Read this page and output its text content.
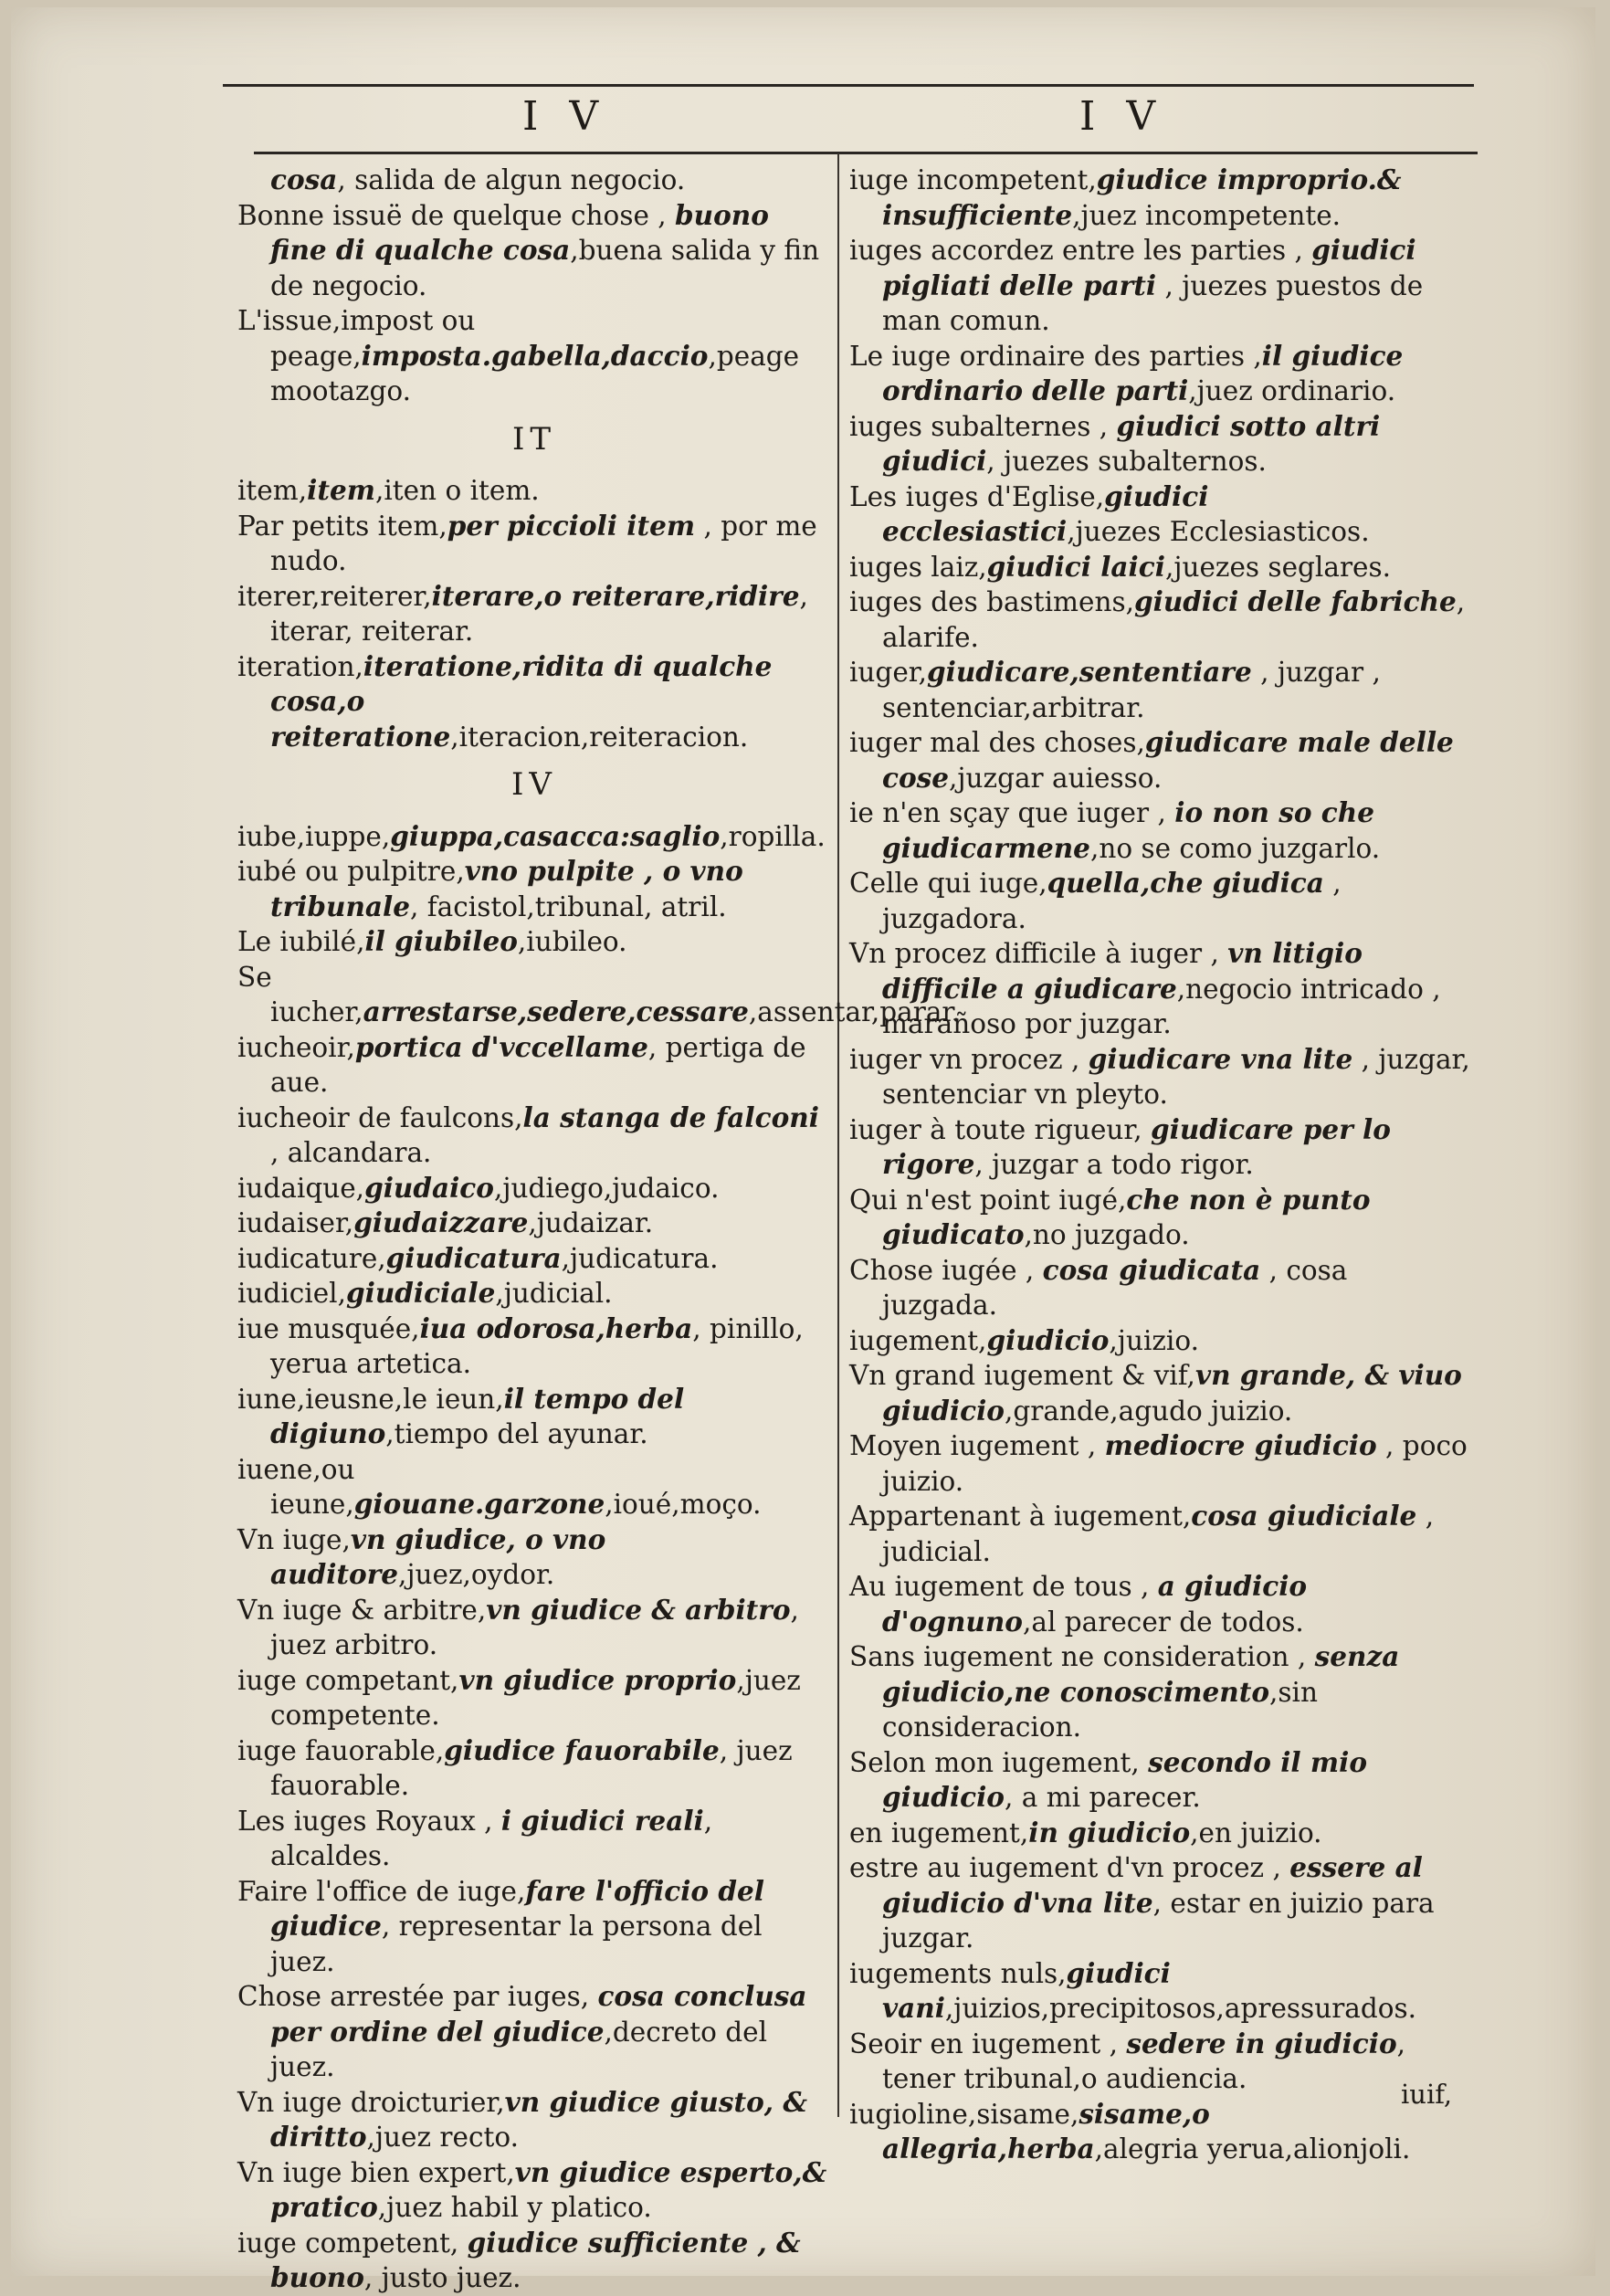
I V	I V

cosa, salida de algun negocio.

Bonne issuë de quelque chose , buono fine di qualche cosa,buena salida y fin de negocio.

L'issue,impost ou peage,imposta.gabella,daccio,peage mootazgo.

IT

item,item,iten o item.

Par petits item,per piccioli item , por me nudo.

iterer,reiterer,iterare,o reiterare,ridire, iterar, reiterar.

iteration,iteratione,ridita di qualche cosa,o reiteratione,iteracion,reiteracion.

IV

iube,iuppe,giuppa,casacca:saglio,ropilla.

iubé ou pulpitre,vno pulpite , o vno tribunale, facistol,tribunal, atril.

Le iubilé,il giubileo,iubileo.

Se iucher,arrestarse,sedere,cessare,assentar,parar.

iucheoir,portica d'vccellame, pertiga de aue.

iucheoir de faulcons,la stanga de falconi , alcandara.

iudaique,giudaico,judiego,judaico.

iudaiser,giudaizzare,judaizar.

iudicature,giudicatura,judicatura.

iudiciel,giudiciale,judicial.

iue musquée,iua odorosa,herba, pinillo, yerua artetica.

iune,ieusne,le ieun,il tempo del digiuno,tiempo del ayunar.

iuene,ou ieune,giouane.garzone,ioué,moço.

Vn iuge,vn giudice, o vno auditore,juez,oydor.

Vn iuge & arbitre,vn giudice & arbitro, juez arbitro.

iuge competant,vn giudice proprio,juez competente.

iuge fauorable,giudice fauorabile, juez fauorable.

Les iuges Royaux , i giudici reali, alcaldes.

Faire l'office de iuge,fare l'officio del giudice, representar la persona del juez.

Chose arrestée par iuges, cosa conclusa per ordine del giudice,decreto del juez.

Vn iuge droicturier,vn giudice giusto, & diritto,juez recto.

Vn iuge bien expert,vn giudice esperto,& pratico,juez habil y platico.

iuge competent, giudice sufficiente , & buono, justo juez.

iuge incompetent,giudice improprio.& insufficiente,juez incompetente.

iuges accordez entre les parties , giudici pigliati delle parti , juezes puestos de man comun.

Le iuge ordinaire des parties ,il giudice ordinario delle parti,juez ordinario.

iuges subalternes , giudici sotto altri giudici, juezes subalternos.

Les iuges d'Eglise,giudici ecclesiastici,juezes Ecclesiasticos.

iuges laiz,giudici laici,juezes seglares.

iuges des bastimens,giudici delle fabriche, alarife.

iuger,giudicare,sententiare , juzgar , sentenciar,arbitrar.

iuger mal des choses,giudicare male delle cose,juzgar auiesso.

ie n'en sçay que iuger , io non so che giudicarmene,no se como juzgarlo.

Celle qui iuge,quella,che giudica , juzgadora.

Vn procez difficile à iuger , vn litigio difficile a giudicare,negocio intricado , marañoso por juzgar.

iuger vn procez , giudicare vna lite , juzgar, sentenciar vn pleyto.

iuger à toute rigueur, giudicare per lo rigore, juzgar a todo rigor.

Qui n'est point iugé,che non è punto giudicato,no juzgado.

Chose iugée , cosa giudicata , cosa juzgada.

iugement,giudicio,juizio.

Vn grand iugement & vif,vn grande, & viuo giudicio,grande,agudo juizio.

Moyen iugement , mediocre giudicio , poco juizio.

Appartenant à iugement,cosa giudiciale , judicial.

Au iugement de tous , a giudicio d'ognuno,al parecer de todos.

Sans iugement ne consideration , senza giudicio,ne conoscimento,sin consideracion.

Selon mon iugement, secondo il mio giudicio, a mi parecer.

en iugement,in giudicio,en juizio.

estre au iugement d'vn procez , essere al giudicio d'vna lite, estar en juizio para juzgar.

iugements nuls,giudici vani,juizios,precipitosos,apressurados.

Seoir en iugement , sedere in giudicio, tener tribunal,o audiencia.

iugioline,sisame,sisame,o allegria,herba,alegria yerua,alionjoli.

iuif,
